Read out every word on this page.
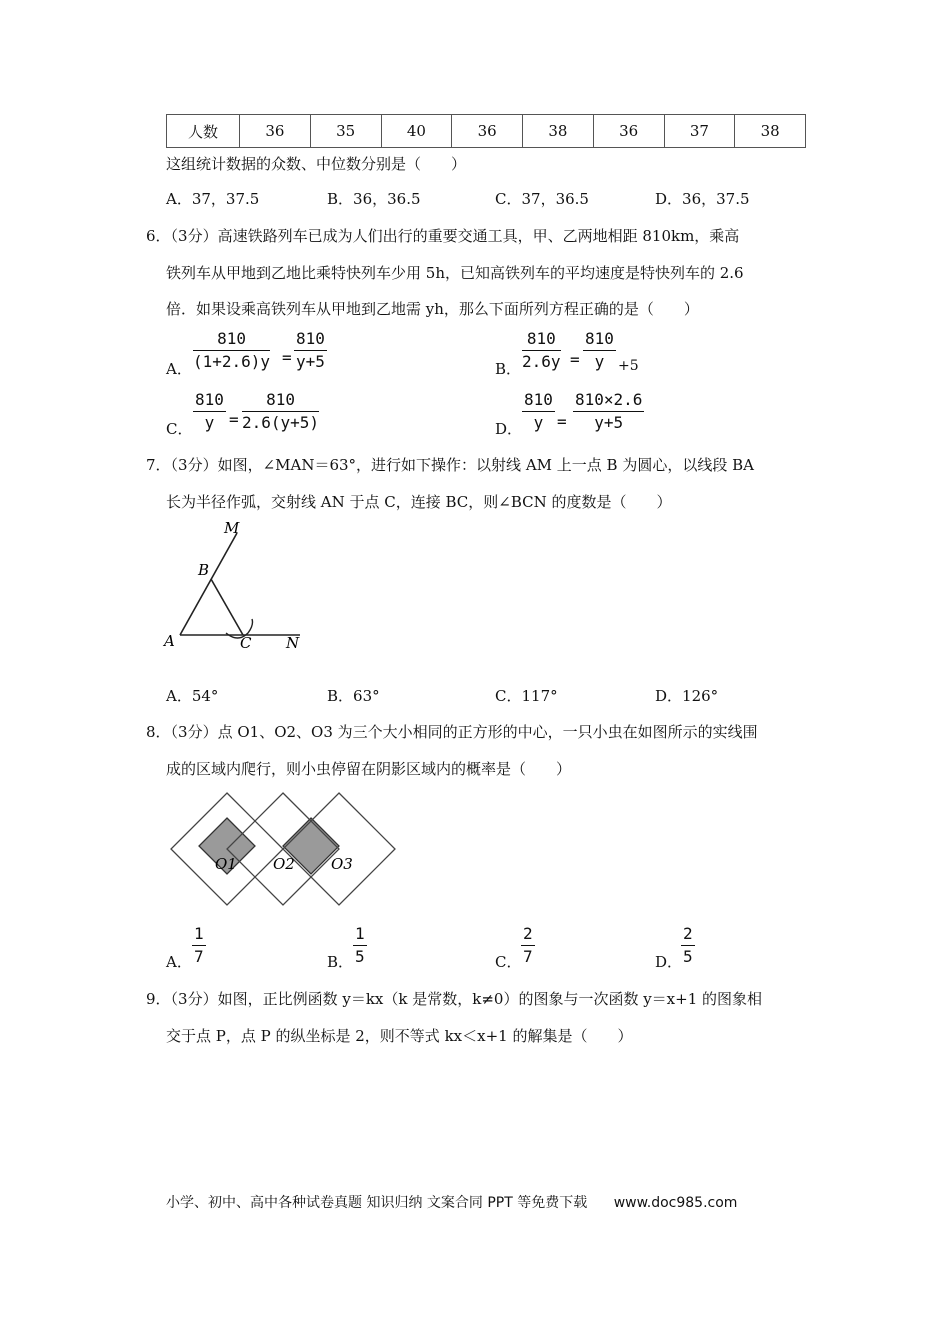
人数	36	35	40	36	38	36	37	38
这组统计数据的众数、中位数分别是（　　）
A．37，37.5	B．36，36.5	C．37，36.5	D．36，37.5
6．（3分）高速铁路列车已成为人们出行的重要交通工具，甲、乙两地相距 810km，乘高
铁列车从甲地到乙地比乘特快列车少用 5h，已知高铁列车的平均速度是特快列车的 2.6
倍．如果设乘高铁列车从甲地到乙地需 yh，那么下面所列方程正确的是（　　）
A． $\frac{810}{(1+2.6)y} = \frac{810}{y+5}$	B． $\frac{810}{2.6y} = \frac{810}{y} +5$
C． $\frac{810}{y} = \frac{810}{2.6(y+5)}$	D． $\frac{810}{y} = \frac{810\times 2.6}{y+5}$
7．（3分）如图，∠MAN＝63°，进行如下操作：以射线 AM 上一点 B 为圆心，以线段 BA
长为半径作弧，交射线 AN 于点 C，连接 BC，则∠BCN 的度数是（　　）
M
B
A	C N
A．54°	B．63°	C．117°	D．126°
8．（3分）点 O1、O2、O3 为三个大小相同的正方形的中心，一只小虫在如图所示的实线围
成的区域内爬行，则小虫停留在阴影区域内的概率是（　　）
O1 O2 O3
A． $\frac{1}{7}$	B． $\frac{1}{5}$	C． $\frac{2}{7}$	D．
$\frac{2}{5}$
9．（3分）如图，正比例函数 y＝kx（k 是常数，k≠0）的图象与一次函数 y＝x+1 的图象相
交于点 P，点 P 的纵坐标是 2，则不等式 kx＜x+1 的解集是（　　）
小学、初中、高中各种试卷真题 知识归纳 文案合同 PPT 等免费下载 www.doc985.com
